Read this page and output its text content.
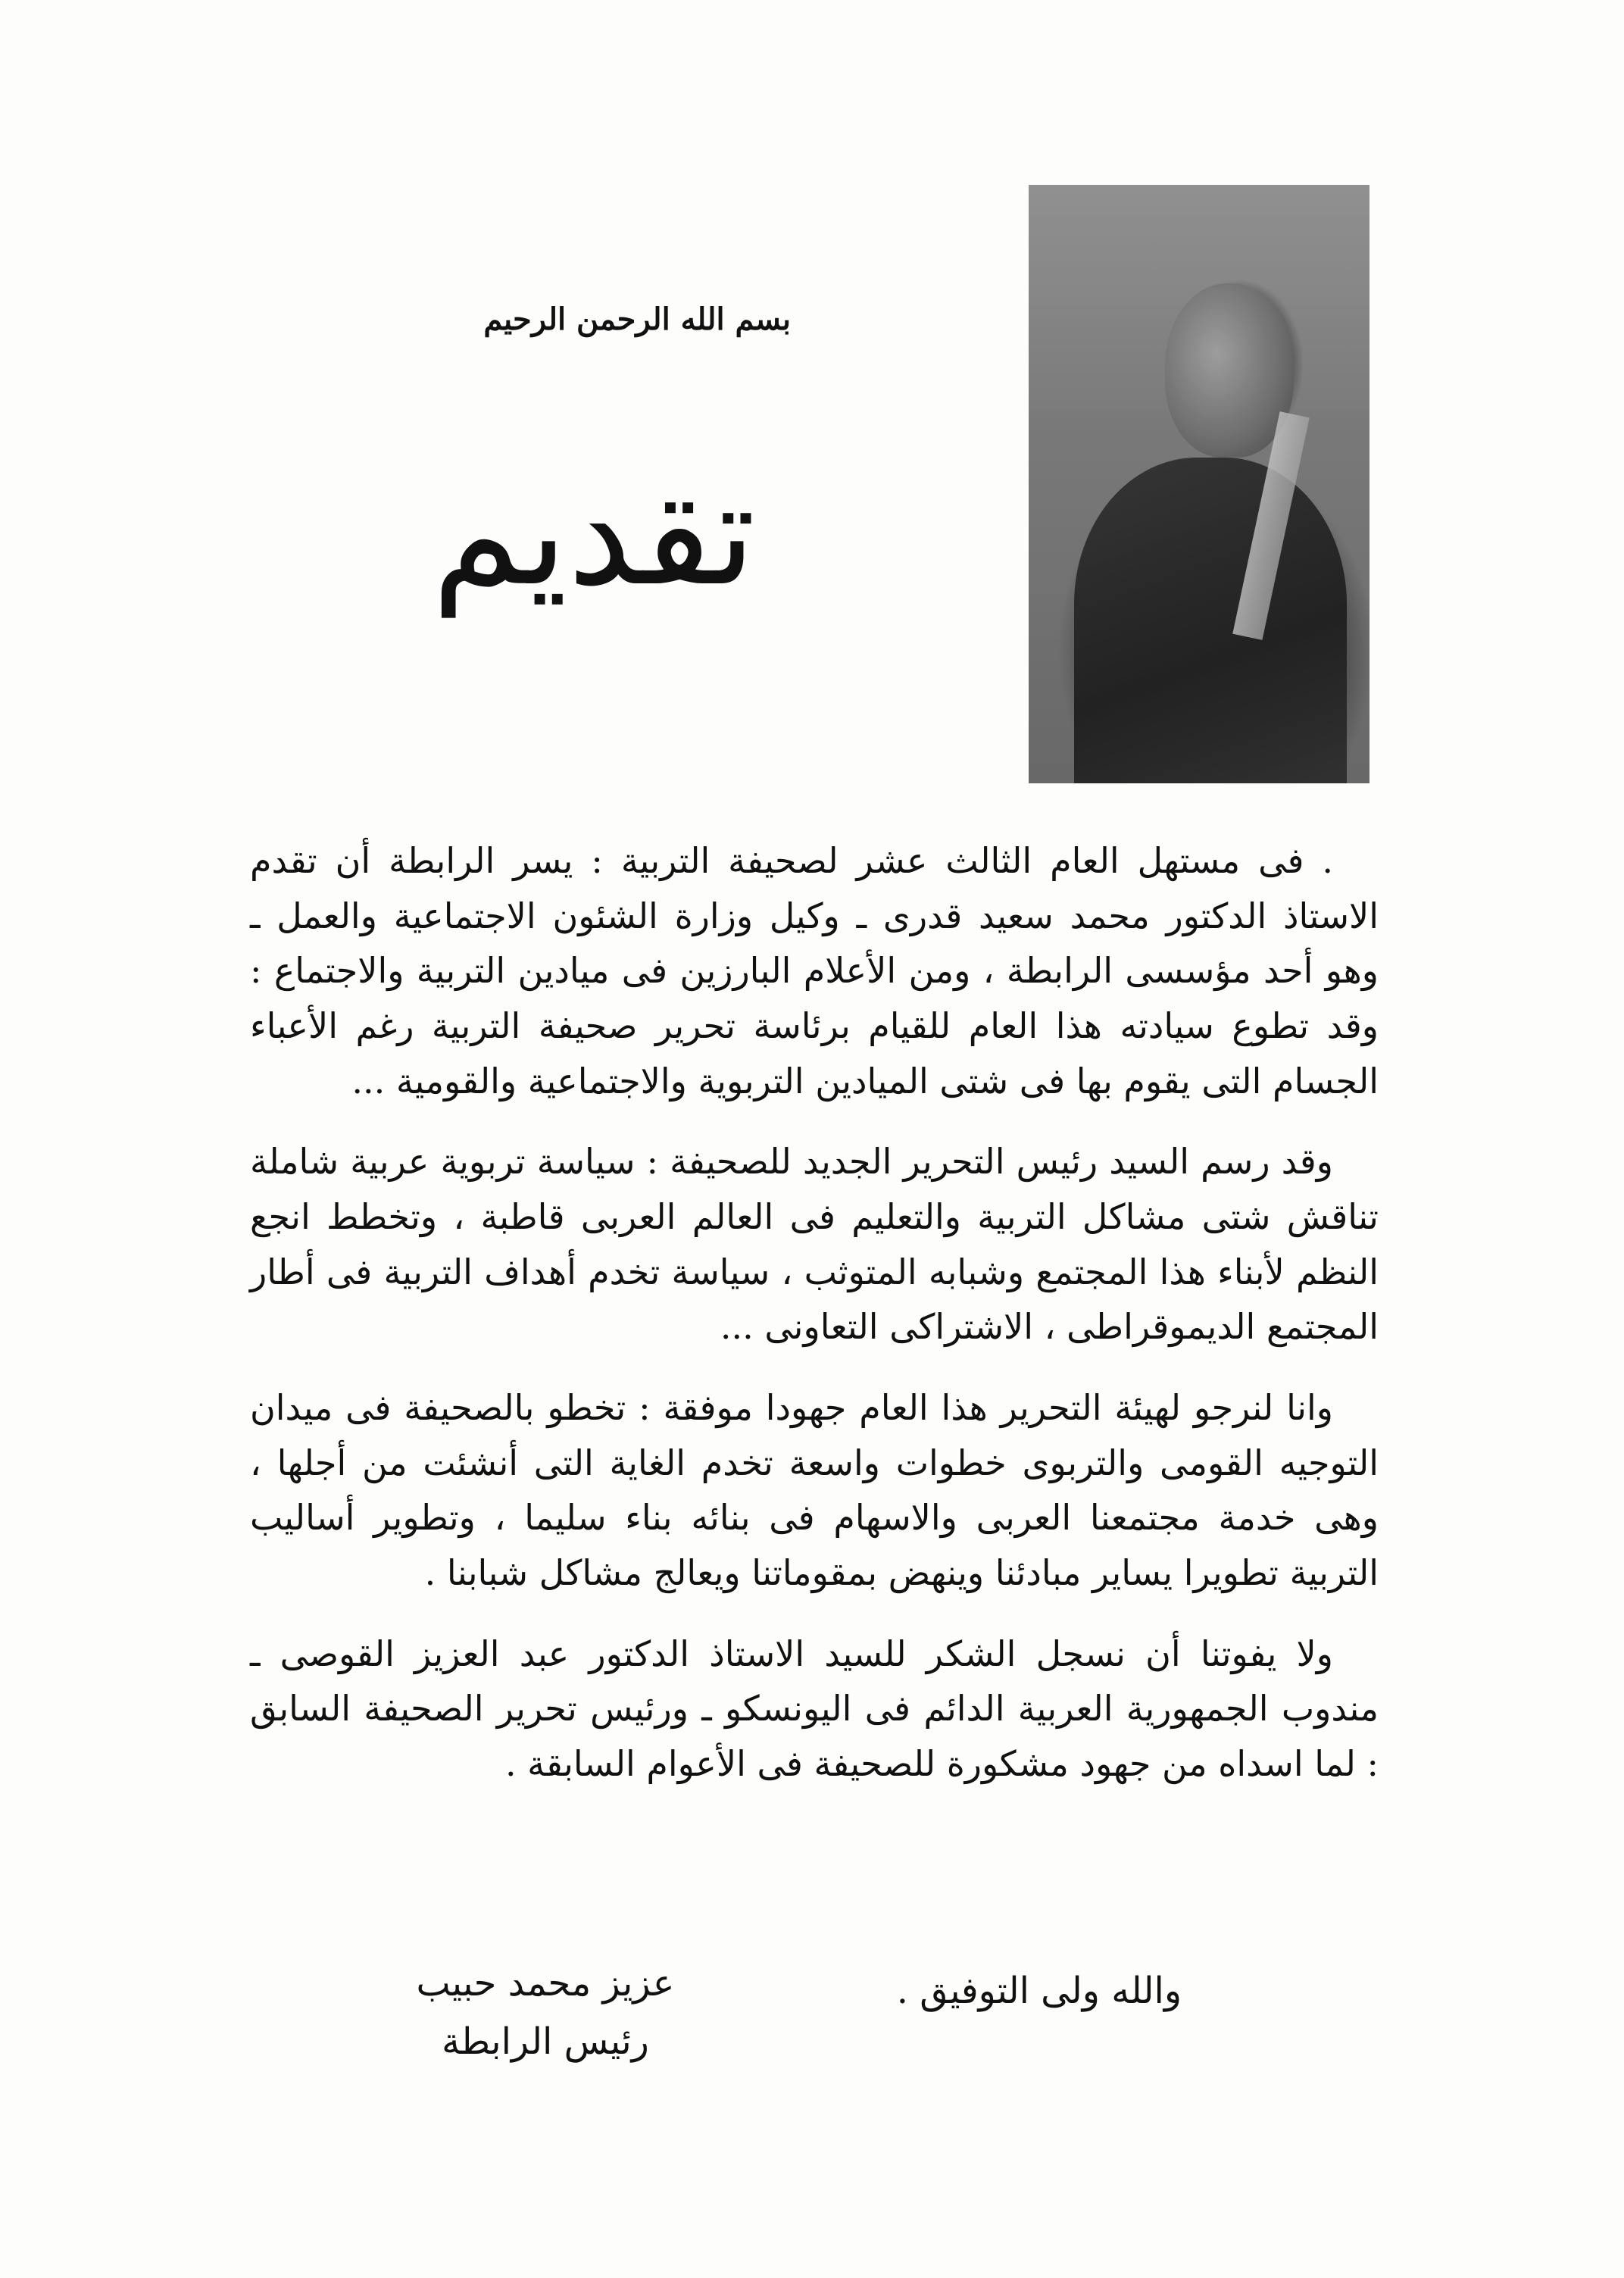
بسم الله الرحمن الرحيم
تقديم

. فى مستهل العام الثالث عشر لصحيفة التربية : يسر الرابطة أن تقدم الاستاذ الدكتور محمد سعيد قدرى ـ وكيل وزارة الشئون الاجتماعية والعمل ـ وهو أحد مؤسسى الرابطة ، ومن الأعلام البارزين فى ميادين التربية والاجتماع : وقد تطوع سيادته هذا العام للقيام برئاسة تحرير صحيفة التربية رغم الأعباء الجسام التى يقوم بها فى شتى الميادين التربوية والاجتماعية والقومية ...

وقد رسم السيد رئيس التحرير الجديد للصحيفة : سياسة تربوية عربية شاملة تناقش شتى مشاكل التربية والتعليم فى العالم العربى قاطبة ، وتخطط انجع النظم لأبناء هذا المجتمع وشبابه المتوثب ، سياسة تخدم أهداف التربية فى أطار المجتمع الديموقراطى ، الاشتراكى التعاونى ...

وانا لنرجو لهيئة التحرير هذا العام جهودا موفقة : تخطو بالصحيفة فى ميدان التوجيه القومى والتربوى خطوات واسعة تخدم الغاية التى أنشئت من أجلها ، وهى خدمة مجتمعنا العربى والاسهام فى بنائه بناء سليما ، وتطوير أساليب التربية تطويرا يساير مبادئنا وينهض بمقوماتنا ويعالج مشاكل شبابنا .

ولا يفوتنا أن نسجل الشكر للسيد الاستاذ الدكتور عبد العزيز القوصى ـ مندوب الجمهورية العربية الدائم فى اليونسكو ـ ورئيس تحرير الصحيفة السابق : لما اسداه من جهود مشكورة للصحيفة فى الأعوام السابقة .

والله ولى التوفيق .
عزيز محمد حبيب
رئيس الرابطة
